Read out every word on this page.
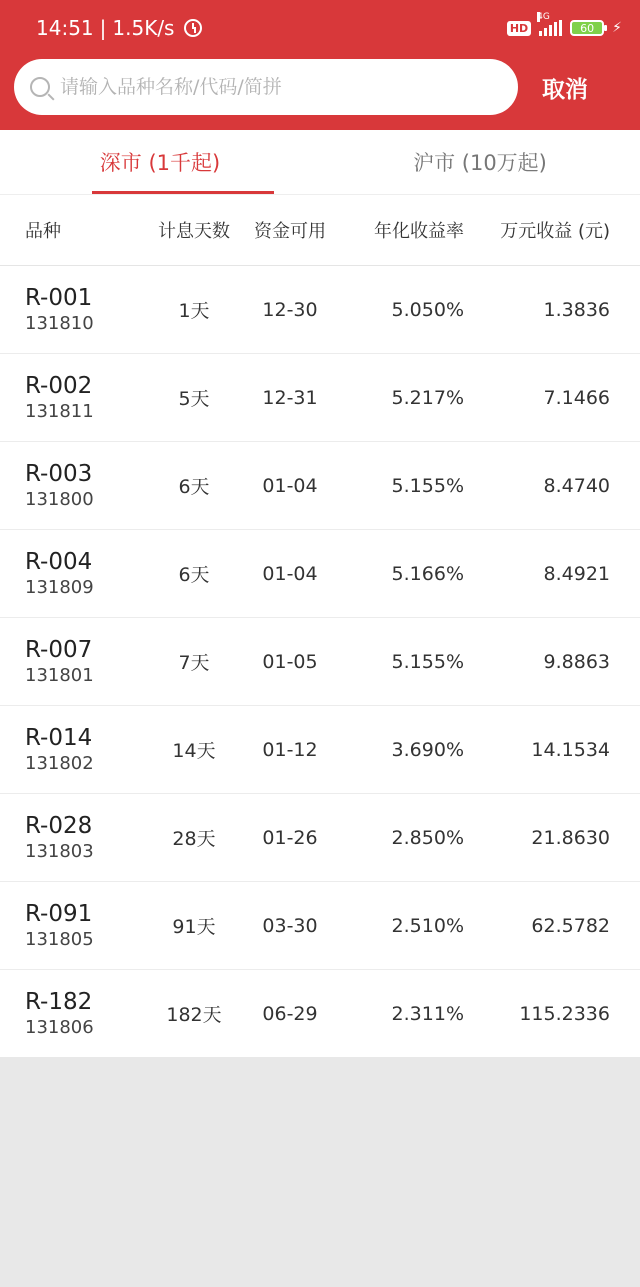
14:51 | 1.5K/s	HD
4G
60 ⚡
请输入品种名称/代码/简拼
取消
深市 (1千起)	沪市 (10万起)
品种	计息天数	资金可用	年化收益率	万元收益 (元)
R-001
131810
1天	12-30	5.050%	1.3836
R-002
131811
5天	12-31	5.217%	7.1466
R-003
131800
6天	01-04	5.155%	8.4740
R-004
131809
6天	01-04	5.166%	8.4921
R-007
131801
7天	01-05	5.155%	9.8863
R-014
131802
14天	01-12	3.690%	14.1534
R-028
131803
28天	01-26	2.850%	21.8630
R-091
131805
91天	03-30	2.510%	62.5782
R-182
131806
182天	06-29	2.311%	115.2336
